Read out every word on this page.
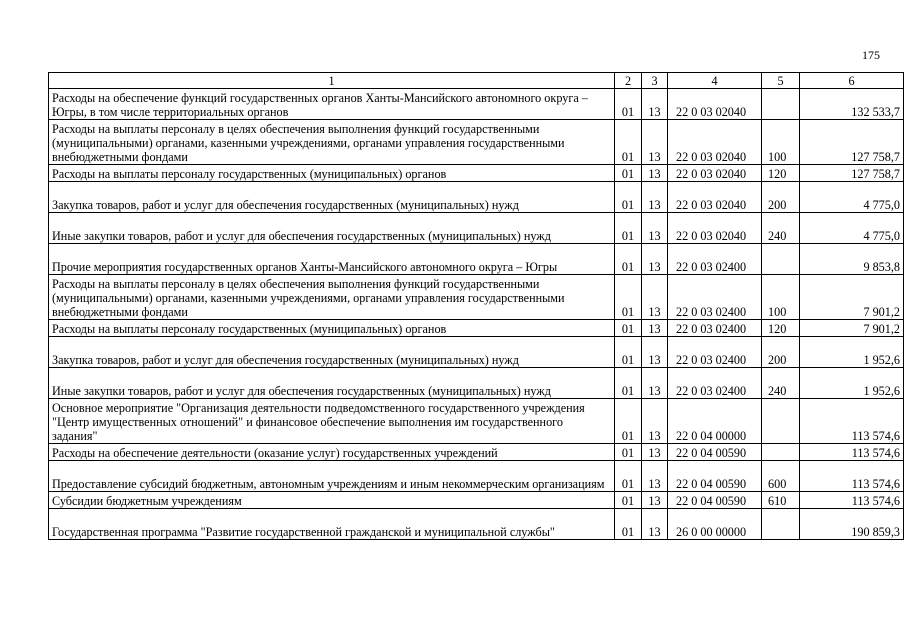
175
1	2	3	4	5	6
Расходы на обеспечение функций государственных органов Ханты-Мансийского автономного округа – Югры, в том числе территориальных органов	01	13	22 0 03 02040		132 533,7
Расходы на выплаты персоналу в целях обеспечения выполнения функций государственными (муниципальными) органами, казенными учреждениями, органами управления государственными внебюджетными фондами	01	13	22 0 03 02040	100	127 758,7
Расходы на выплаты персоналу государственных (муниципальных) органов	01	13	22 0 03 02040	120	127 758,7
Закупка товаров, работ и услуг для обеспечения государственных (муниципальных) нужд	01	13	22 0 03 02040	200	4 775,0
Иные закупки товаров, работ и услуг для обеспечения государственных (муниципальных) нужд	01	13	22 0 03 02040	240	4 775,0
Прочие мероприятия государственных органов Ханты-Мансийского автономного округа – Югры	01	13	22 0 03 02400		9 853,8
Расходы на выплаты персоналу в целях обеспечения выполнения функций государственными (муниципальными) органами, казенными учреждениями, органами управления государственными внебюджетными фондами	01	13	22 0 03 02400	100	7 901,2
Расходы на выплаты персоналу государственных (муниципальных) органов	01	13	22 0 03 02400	120	7 901,2
Закупка товаров, работ и услуг для обеспечения государственных (муниципальных) нужд	01	13	22 0 03 02400	200	1 952,6
Иные закупки товаров, работ и услуг для обеспечения государственных (муниципальных) нужд	01	13	22 0 03 02400	240	1 952,6
Основное мероприятие "Организация деятельности подведомственного государственного учреждения "Центр имущественных отношений" и финансовое обеспечение выполнения им государственного задания"	01	13	22 0 04 00000		113 574,6
Расходы на обеспечение деятельности (оказание услуг) государственных учреждений	01	13	22 0 04 00590		113 574,6
Предоставление субсидий бюджетным, автономным учреждениям и иным некоммерческим организациям	01	13	22 0 04 00590	600	113 574,6
Субсидии бюджетным учреждениям	01	13	22 0 04 00590	610	113 574,6
Государственная программа "Развитие государственной гражданской и муниципальной службы"	01	13	26 0 00 00000		190 859,3
